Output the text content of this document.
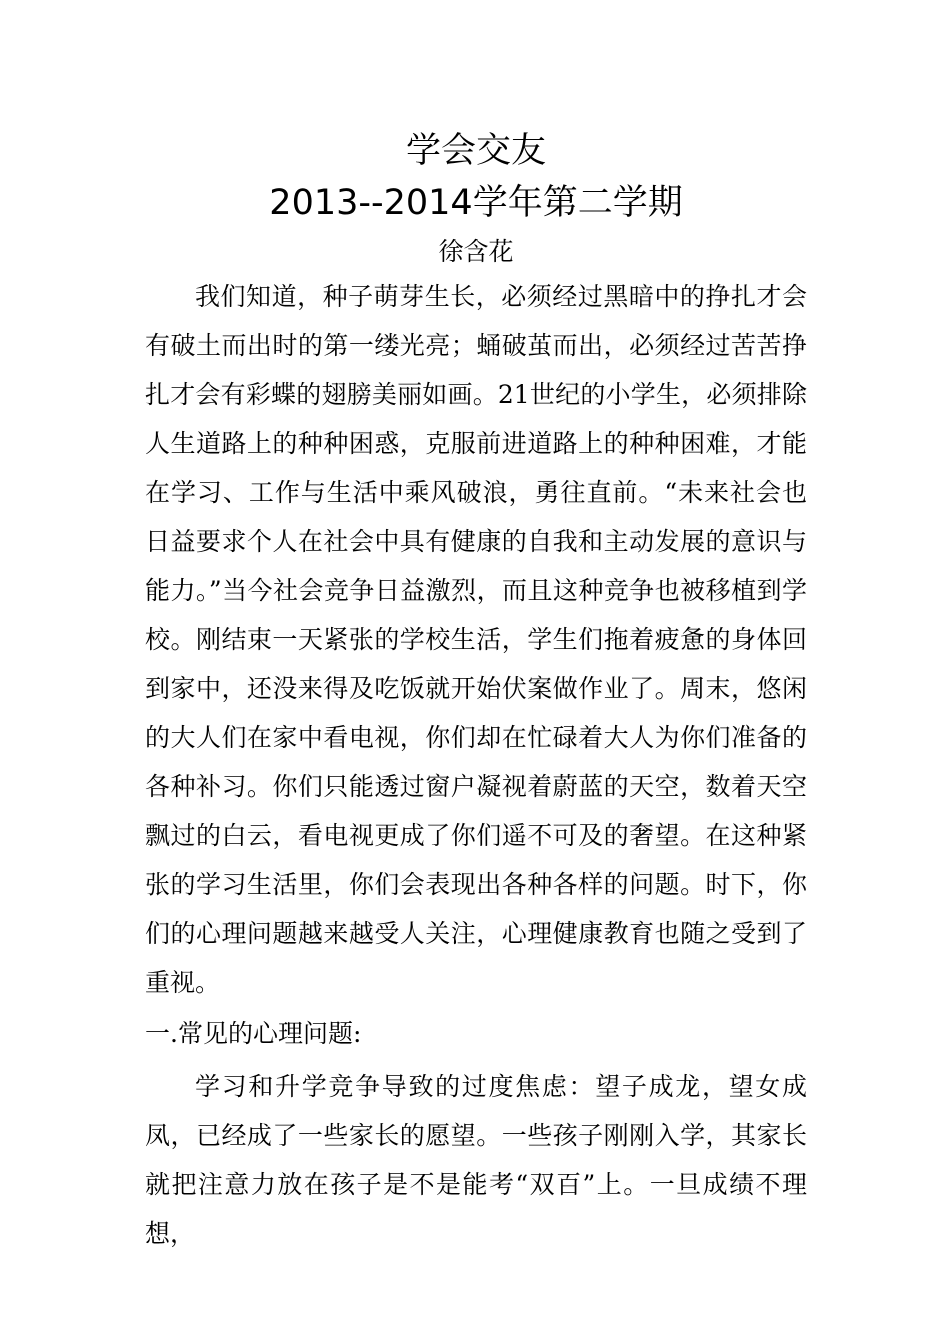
学会交友
2013--2014学年第二学期
徐含花

我们知道，种子萌芽生长，必须经过黑暗中的挣扎才会有破土而出时的第一缕光亮；蛹破茧而出，必须经过苦苦挣扎才会有彩蝶的翅膀美丽如画。21世纪的小学生，必须排除人生道路上的种种困惑，克服前进道路上的种种困难，才能在学习、工作与生活中乘风破浪，勇往直前。“未来社会也日益要求个人在社会中具有健康的自我和主动发展的意识与能力。”当今社会竞争日益激烈，而且这种竞争也被移植到学校。刚结束一天紧张的学校生活，学生们拖着疲惫的身体回到家中，还没来得及吃饭就开始伏案做作业了。周末，悠闲的大人们在家中看电视，你们却在忙碌着大人为你们准备的各种补习。你们只能透过窗户凝视着蔚蓝的天空，数着天空飘过的白云，看电视更成了你们遥不可及的奢望。在这种紧张的学习生活里，你们会表现出各种各样的问题。时下，你们的心理问题越来越受人关注，心理健康教育也随之受到了重视。

一.常见的心理问题:

学习和升学竞争导致的过度焦虑：望子成龙，望女成凤，已经成了一些家长的愿望。一些孩子刚刚入学，其家长就把注意力放在孩子是不是能考“双百”上。一旦成绩不理想，
